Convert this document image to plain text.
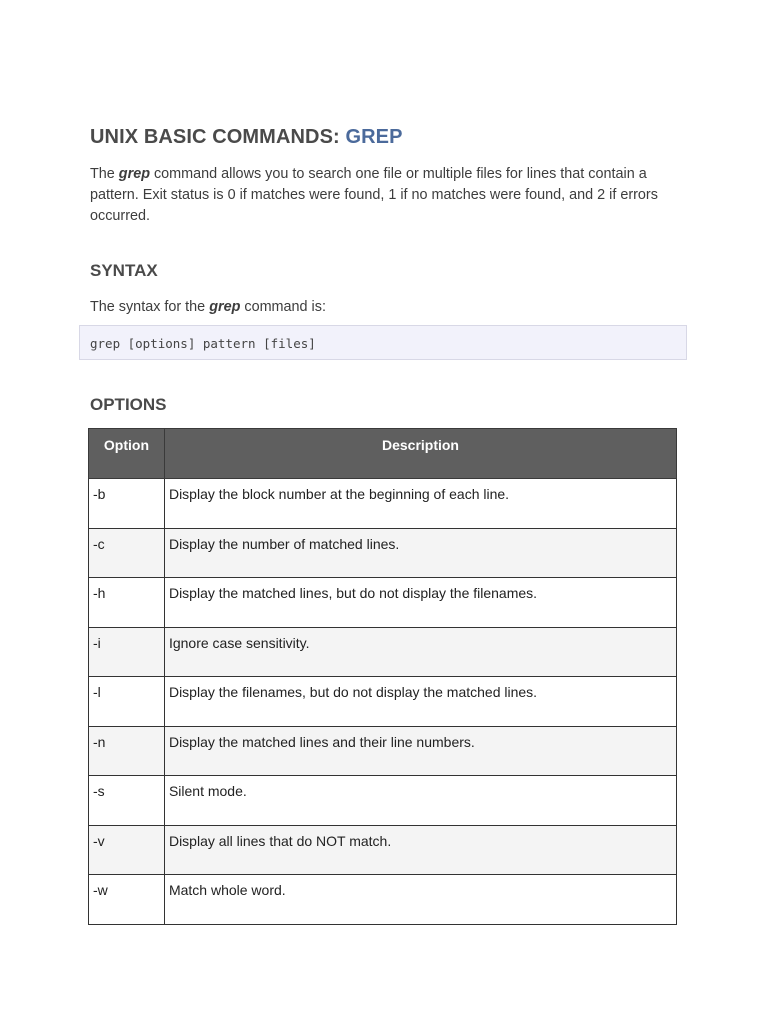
UNIX BASIC COMMANDS: GREP

The grep command allows you to search one file or multiple files for lines that contain a pattern. Exit status is 0 if matches were found, 1 if no matches were found, and 2 if errors occurred.

SYNTAX

The syntax for the grep command is:

grep [options] pattern [files]
OPTIONS
Option	Description
-b	Display the block number at the beginning of each line.
-c	Display the number of matched lines.
-h	Display the matched lines, but do not display the filenames.
-i	Ignore case sensitivity.
-l	Display the filenames, but do not display the matched lines.
-n	Display the matched lines and their line numbers.
-s	Silent mode.
-v	Display all lines that do NOT match.
-w	Match whole word.
